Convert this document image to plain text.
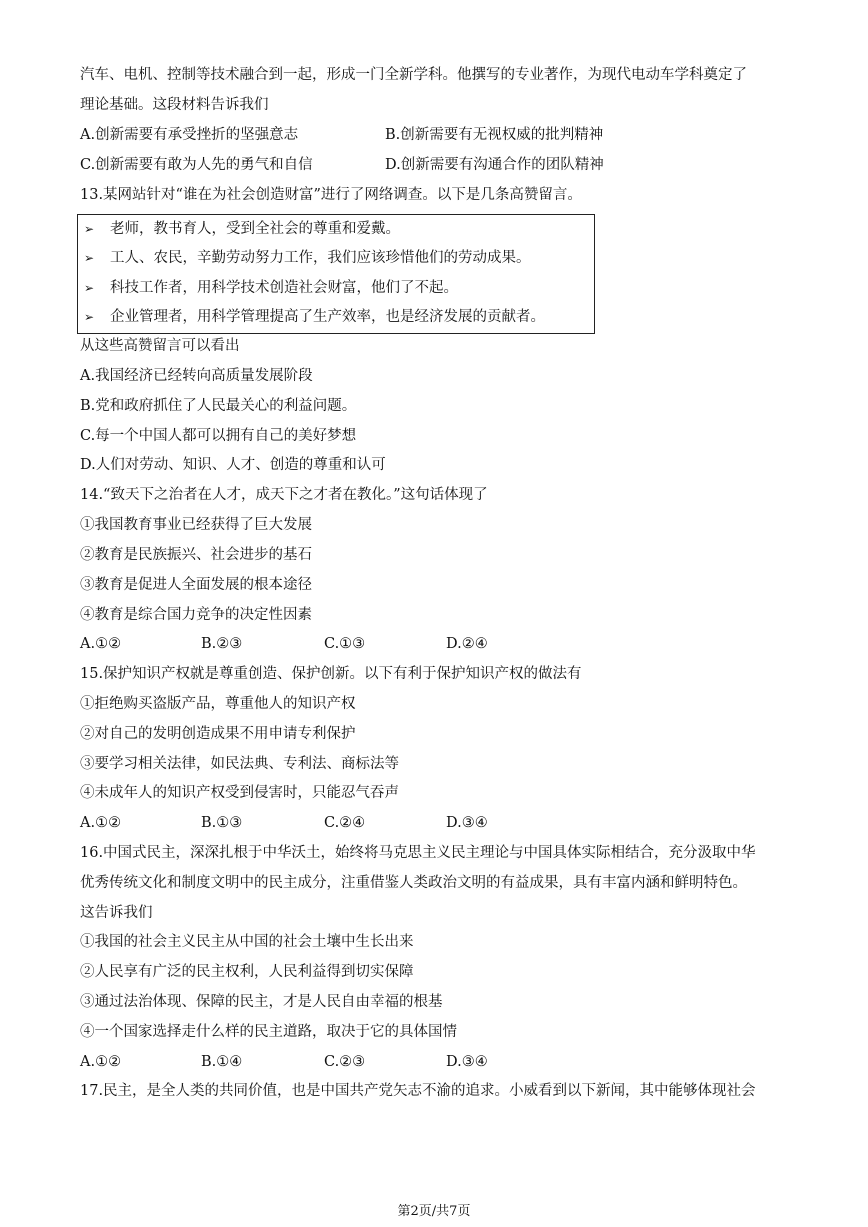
汽车、电机、控制等技术融合到一起，形成一门全新学科。他撰写的专业著作，为现代电动车学科奠定了
理论基础。这段材料告诉我们
A.创新需要有承受挫折的坚强意志	B.创新需要有无视权威的批判精神
C.创新需要有敢为人先的勇气和自信	D.创新需要有沟通合作的团队精神
13.某网站针对“谁在为社会创造财富”进行了网络调查。以下是几条高赞留言。
➢ 老师，教书育人，受到全社会的尊重和爱戴。
➢ 工人、农民，辛勤劳动努力工作，我们应该珍惜他们的劳动成果。
➢ 科技工作者，用科学技术创造社会财富，他们了不起。
➢ 企业管理者，用科学管理提高了生产效率，也是经济发展的贡献者。
从这些高赞留言可以看出
A.我国经济已经转向高质量发展阶段
B.党和政府抓住了人民最关心的利益问题。
C.每一个中国人都可以拥有自己的美好梦想
D.人们对劳动、知识、人才、创造的尊重和认可
14.“致天下之治者在人才，成天下之才者在教化。”这句话体现了
①我国教育事业已经获得了巨大发展
②教育是民族振兴、社会进步的基石
③教育是促进人全面发展的根本途径
④教育是综合国力竞争的决定性因素
A.①②	B.②③	C.①③	D.②④
15.保护知识产权就是尊重创造、保护创新。以下有利于保护知识产权的做法有
①拒绝购买盗版产品，尊重他人的知识产权
②对自己的发明创造成果不用申请专利保护
③要学习相关法律，如民法典、专利法、商标法等
④未成年人的知识产权受到侵害时，只能忍气吞声
A.①②	B.①③	C.②④	D.③④
16.中国式民主，深深扎根于中华沃土，始终将马克思主义民主理论与中国具体实际相结合，充分汲取中华
优秀传统文化和制度文明中的民主成分，注重借鉴人类政治文明的有益成果，具有丰富内涵和鲜明特色。
这告诉我们
①我国的社会主义民主从中国的社会土壤中生长出来
②人民享有广泛的民主权利，人民利益得到切实保障
③通过法治体现、保障的民主，才是人民自由幸福的根基
④一个国家选择走什么样的民主道路，取决于它的具体国情
A.①②	B.①④	C.②③	D.③④
17.民主，是全人类的共同价值，也是中国共产党矢志不渝的追求。小威看到以下新闻，其中能够体现社会
第2页/共7页
